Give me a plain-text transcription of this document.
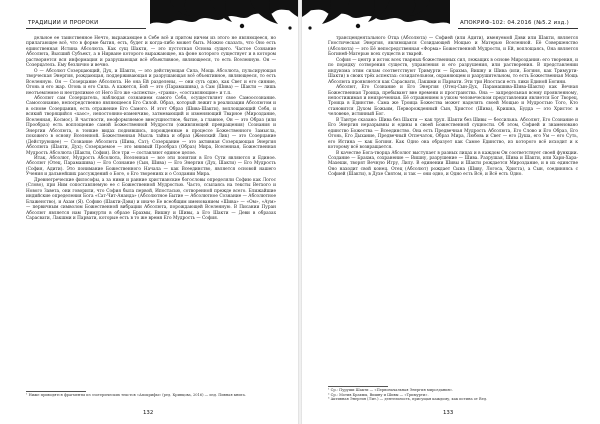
ТРАДИЦИИ И ПРОРОКИ

дельное ее таинственное Нечто, выражающее в Себе всё и притом ничем из этого не являющееся, но прилагающее всё, что в форме бытия, есть, будет и когда-либо может быть. Можно сказать, что Оно есть единственная Истина Абсолюта. Как сущ Шакти, — это пустотная Основа сущего. Частое Сознание Абсолюта, Высший Субъект, а в Нирване которого выражающее, на фоне которого существует и в котором растворяется вся информация и разрушающая всё объективное, являющееся, то есть Вселенную. Он — Созерцатель. Ему безлично и вечно.

О — Абсолют Созерцающий, Дух, и Шакти, — это действующая Сила, Мощь Абсолюта, пульсирующая творческая Энергия, рождающая, поддерживающая и разрушающая всё объективное, являющееся, то есть Вселенную. Он — Созерцание Абсолюта. Не она Ей разделены, — они суть одно, как Свет и его сияние, Огонь и его жар. Огонь и его Сила. А кажется, Бой — это (Парамашива), а Сам (Шива) — Шакти — лишь неотъемлемое и неотделимое от Него Его же «аспекты», «грани», «составляющие» и т.п.

Абсолют сам Созерцатель, наблюдая сознанием самого Себя, осуществляет свое Самоосознание. Самосознание, непосредственно являющееся Его Силой. Образ, который лежит в реализации Абсолютом и в основе Созерцания, есть отражение Его Самого. И этот Образ (Шива-Шакти), воплощающий Себя, и всякий творящийся «хаос», непостоянно-изменчиво, затмевающий и изменяющий Тварное (Мироздание, Вселенная, Космос). В частности, неоформляемое внесущностное, бытие, а главное, Он — это Образ (или Прообраз) есть воплощение самой Божественной Мудрости (оживляющей превращения) Сознания и Энергии Абсолюта, в тонкие видах поднявшись, порожденные в процессе Божественного Замысла, похожего в основу Вселенной. Божественная Мысль тайна и образ (Женский Лик) — это Созерцание (Дейструющее) — Сознание Абсолюта (Шива, Сат); Созерцание — это активная Созерцающая Энергия Абсолюта (Шакти, Дух); Созерцаемое — это мнимый Прообраз (Образ) Мира, Вселенная, Божественная Мудрость Абсолюта (Шакти, София). Все три — составляют единое целое.

Итак, Абсолют, Мудрость Абсолюта, Вселенная — все эти понятия в Его Сути являются и Единое. Абсолют (Отец, Парамашива) — Его Сознание (Сын, Шива) — Его Энергия (Дух, Шакти) — Его Мудрость (София, Адити). Это понимание Божественного Начала — как Всеединство, является основой нашего Учения и дальнейших рассуждений о Боге, о Его творениях и о Создании Мира.

Древнегреческие философы, а за ними и ранние христианские богословы определяли Софию как Логос (Слово), при Ним сопоставляемую ее с Божественной Мудростью. Часто, ссылаясь на тексты Ветхого и Нового Завета, они говорили, что София была первой, Ипостасью, сотворенной прежде всего. Ближайшие индийские определения Бога «Сат-Чит-Ананда» (Абсолютное Бытие — Абсолютное Сознание — Абсолютное Блаженство), и Ахам (Я). Софию (Шакти-Дэви) и иначе Ее всеобщим именованием «Шива» — «Ом», «Аум» — первичным символом Божественной вибрации Абсолюта, порождающей Вселенную. В Писании Пуран Абсолют является нам Тримурти в образе Брахмы, Вишну и Шивы, а Его Шакти — Деви в образах Сарасвати, Лакшми и Парвати, которые есть в то же время Его Мудрость — София.

¹ Ниже приводятся фрагменты из эзотерических текстов «Апокрифы» (ред. Кривцова, 2016) — изд. Пивная книга.
132
АПОКРИФ-102: 04.2016 (№5.2 изд.)

трансцендентального Отца (Абсолюта) — Софией (или Адити), именуемой Дэви или Шакти, является Гностическая Энергия, являющаяся Созидающей Мощью и Матерью Вселенной. Её Совершенство (Абсолюта) — это Её непосредственная «Форма» Божественной Мудрости, и Ей, воплощаясь, Она является Богиней-Матерью всех существ и тварей.

София — центр и исток всех тварных божественных сил, лежащих в основе Мироздания: его творения, и по порядку сотворения существ, управления и его разрушения, или растворения. В представлении индуизма этим силам соответствуют Тримурти — Брахма, Вишну и Шива (или, Богиня, как Тримурти-Шакти) в своих трёх аспектах: созидательном, охраняющем и разрушительном, то есть Божественная Мощь Абсолюта проявляется как Сарасвати, Лакшми и Парвати. Эти три Ипостаси есть лики Единой Богини.

Абсолют, Его Сознание и Его Энергия (Отец-Сын-Дух, Парамашива-Шива-Шакти) как Вечная Божественная Троица, пребывают вне времени и пространства. Она — запредельная всему проявленному, непостижимая и неизреченная. Её отражением в узком человеческом представлении является Бог Творец, Троица в Единстве. Сама же Троица Божества может наделять своей Мощью и Мудростью Того, Кто становится Духом Божьим, Перворожденный Сын, Христос (Шива), Кришна, Будда — это Христос в человеке, истинный Бог.

В Тантре сказано: Шива без Шакти — как труп. Шакти без Шивы — бессильна. Абсолют, Его Сознание и Его Энергия неразрывны и едины в своей Божественной сущности. Об этом, Софией и знаменовано единство Божества — Всеединство. Она есть Предвечная Мудрость Абсолюта, Его Слово и Его Образ, Его Огонь, Его Дыхание, Предвечный Отпечаток, Образ Мира, Любовь и Свет — его Душа, его Ум — его Суть, его Истина — как Богиня. Как Одно она образует как Самое Единство, из которого всё исходит и к которому всё возвращается.

В качестве Бога-творца Абсолют выступает в разных лицах и в каждом Он соответствует своей функции. Создание — Брахма, сохранение — Вишну, разрушение — Шива. Разрушая, Шива и Шакти, или Хари-Хара-Махеши, творят Вечную Игру, Лилу. В единении Шивы и Шакти рождается Мироздание, и в их единстве Оно находит свой конец. Отец (Абсолют) рождает Сына (Шиву, Логоса, Христа), а Сын, соединяясь с Софией (Шакти), в Духе Святом, и так — они одно, и Одно есть Всё, и Всё есть Одно.

¹ Ср.: Пуруши Шакти — «Первоначальная Энергия мироздания».
² Ср.: Мотив Брахмы, Вишну и Шивы — «Тримурти».
³ Активная Энергия (Лит.) — деятельность, присущая каждому, как истина от Вед.
133
